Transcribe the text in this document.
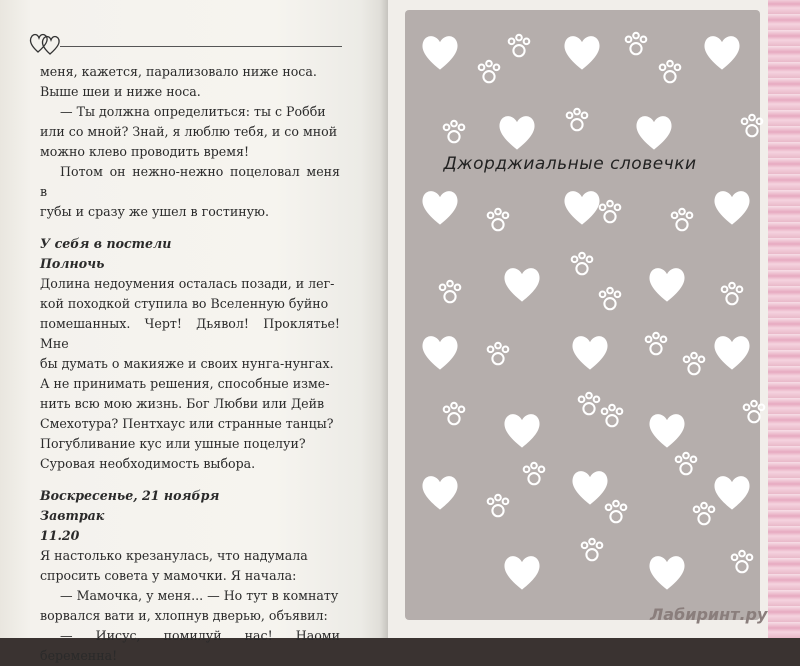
меня, кажется, парализовало ниже носа.

Выше шеи и ниже носа.

— Ты должна определиться: ты с Робби

или со мной? Знай, я люблю тебя, и со мной

можно клево проводить время!

Потом он нежно-нежно поцеловал меня в

губы и сразу же ушел в гостиную.

У себя в постели

Полночь

Долина недоумения осталась позади, и лег-

кой походкой ступила во Вселенную буйно

помешанных. Черт! Дьявол! Проклятье! Мне

бы думать о макияже и своих нунга-нунгах.

А не принимать решения, способные изме-

нить всю мою жизнь. Бог Любви или Дейв

Смехотура? Пентхаус или странные танцы?

Погубливание кус или ушные поцелуи?

Суровая необходимость выбора.

Воскресенье, 21 ноября

Завтрак

11.20

Я настолько крезанулась, что надумала

спросить совета у мамочки. Я начала:

— Мамочка, у меня... — Но тут в комнату

ворвался вати и, хлопнув дверью, объявил:

— Иисус, помилуй нас! Наоми беременна!

Джорджиальные словечки
Лабиринт.ру
